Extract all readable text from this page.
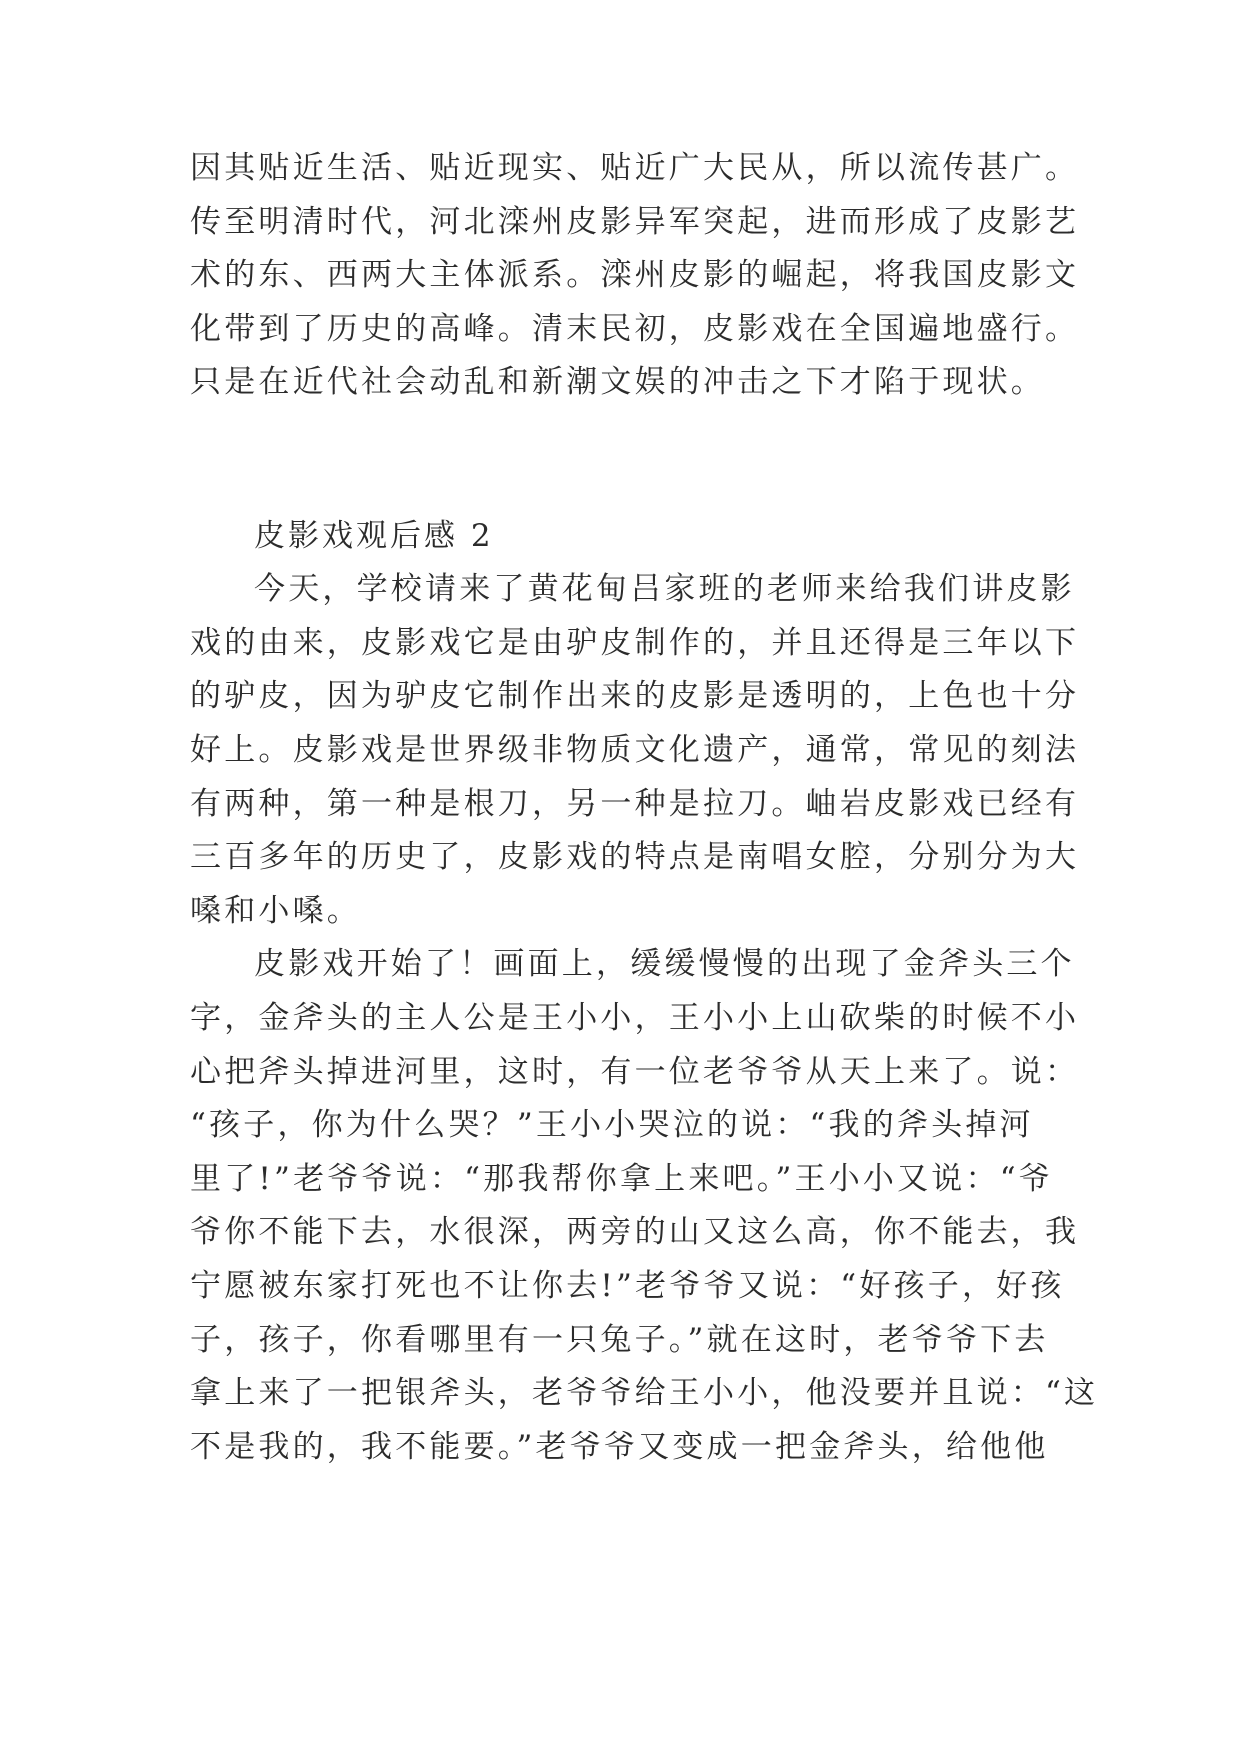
因其贴近生活、贴近现实、贴近广大民从，所以流传甚广。
传至明清时代，河北滦州皮影异军突起，进而形成了皮影艺
术的东、西两大主体派系。滦州皮影的崛起，将我国皮影文
化带到了历史的高峰。清末民初，皮影戏在全国遍地盛行。
只是在近代社会动乱和新潮文娱的冲击之下才陷于现状。
皮影戏观后感 2
今天，学校请来了黄花甸吕家班的老师来给我们讲皮影
戏的由来，皮影戏它是由驴皮制作的，并且还得是三年以下
的驴皮，因为驴皮它制作出来的皮影是透明的，上色也十分
好上。皮影戏是世界级非物质文化遗产，通常，常见的刻法
有两种，第一种是根刀，另一种是拉刀。岫岩皮影戏已经有
三百多年的历史了，皮影戏的特点是南唱女腔，分别分为大
嗓和小嗓。
皮影戏开始了！画面上，缓缓慢慢的出现了金斧头三个
字，金斧头的主人公是王小小，王小小上山砍柴的时候不小
心把斧头掉进河里，这时，有一位老爷爷从天上来了。说：
“孩子，你为什么哭？”王小小哭泣的说：“我的斧头掉河
里了!”老爷爷说：“那我帮你拿上来吧。”王小小又说：“爷
爷你不能下去，水很深，两旁的山又这么高，你不能去，我
宁愿被东家打死也不让你去!”老爷爷又说：“好孩子，好孩
子，孩子，你看哪里有一只兔子。”就在这时，老爷爷下去
拿上来了一把银斧头，老爷爷给王小小，他没要并且说：“这
不是我的，我不能要。”老爷爷又变成一把金斧头，给他他
